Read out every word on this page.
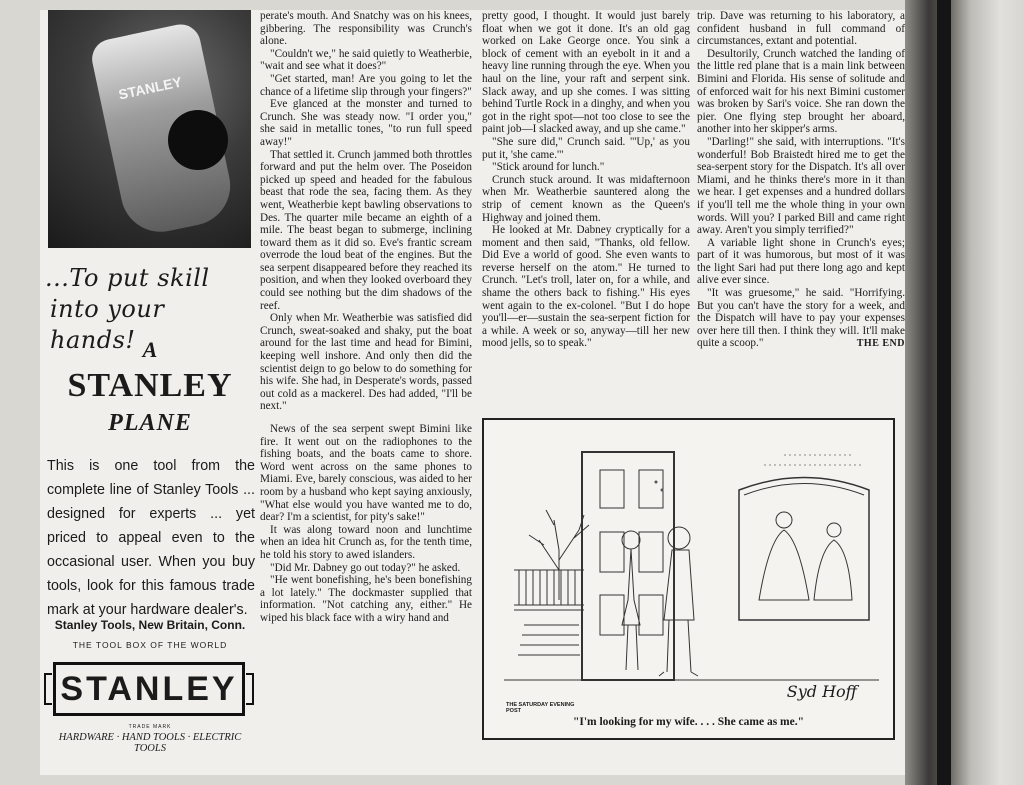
STANLEY
...To put skill
into your hands! A
STANLEY
PLANE
This is one tool from the complete line of Stanley Tools ... designed for experts ... yet priced to appeal even to the occasional user. When you buy tools, look for this famous trade mark at your hardware dealer's.
Stanley Tools, New Britain, Conn.
THE TOOL BOX OF THE WORLD
STANLEY
TRADE MARK
HARDWARE · HAND TOOLS · ELECTRIC TOOLS

perate's mouth. And Snatchy was on his knees, gibbering. The responsibility was Crunch's alone.

"Couldn't we," he said quietly to Weatherbie, "wait and see what it does?"

"Get started, man! Are you going to let the chance of a lifetime slip through your fingers?"

Eve glanced at the monster and turned to Crunch. She was steady now. "I order you," she said in metallic tones, "to run full speed away!"

That settled it. Crunch jammed both throttles forward and put the helm over. The Poseidon picked up speed and headed for the fabulous beast that rode the sea, facing them. As they went, Weatherbie kept bawling observations to Des. The quarter mile became an eighth of a mile. The beast began to submerge, inclining toward them as it did so. Eve's frantic scream overrode the loud beat of the engines. But the sea serpent disappeared before they reached its position, and when they looked overboard they could see nothing but the dim shadows of the reef.

Only when Mr. Weatherbie was satisfied did Crunch, sweat-soaked and shaky, put the boat around for the last time and head for Bimini, keeping well inshore. And only then did the scientist deign to go below to do something for his wife. She had, in Desperate's words, passed out cold as a mackerel. Des had added, "I'll be next."

News of the sea serpent swept Bimini like fire. It went out on the radiophones to the fishing boats, and the boats came to shore. Word went across on the same phones to Miami. Eve, barely conscious, was aided to her room by a husband who kept saying anxiously, "What else would you have wanted me to do, dear? I'm a scientist, for pity's sake!"

It was along toward noon and lunchtime when an idea hit Crunch as, for the tenth time, he told his story to awed islanders.

"Did Mr. Dabney go out today?" he asked.

"He went bonefishing, he's been bonefishing a lot lately." The dockmaster supplied that information. "Not catching any, either." He wiped his black face with a wiry hand and

pretty good, I thought. It would just barely float when we got it done. It's an old gag worked on Lake George once. You sink a block of cement with an eyebolt in it and a heavy line running through the eye. When you haul on the line, your raft and serpent sink. Slack away, and up she comes. I was sitting behind Turtle Rock in a dinghy, and when you got in the right spot—not too close to see the paint job—I slacked away, and up she came."

"She sure did," Crunch said. "'Up,' as you put it, 'she came.'"

"Stick around for lunch."

Crunch stuck around. It was midafternoon when Mr. Weatherbie sauntered along the strip of cement known as the Queen's Highway and joined them.

He looked at Mr. Dabney cryptically for a moment and then said, "Thanks, old fellow. Did Eve a world of good. She even wants to reverse herself on the atom." He turned to Crunch. "Let's troll, later on, for a while, and shame the others back to fishing." His eyes went again to the ex-colonel. "But I do hope you'll—er—sustain the sea-serpent fiction for a while. A week or so, anyway—till her new mood jells, so to speak."

trip. Dave was returning to his laboratory, a confident husband in full command of circumstances, extant and potential.

Desultorily, Crunch watched the landing of the little red plane that is a main link between Bimini and Florida. His sense of solitude and of enforced wait for his next Bimini customer was broken by Sari's voice. She ran down the pier. One flying step brought her aboard, another into her skipper's arms.

"Darling!" she said, with interruptions. "It's wonderful! Bob Braistedt hired me to get the sea-serpent story for the Dispatch. It's all over Miami, and he thinks there's more in it than we hear. I get expenses and a hundred dollars if you'll tell me the whole thing in your own words. Will you? I parked Bill and came right away. Aren't you simply terrified?"

A variable light shone in Crunch's eyes; part of it was humorous, but most of it was the light Sari had put there long ago and kept alive ever since.

"It was gruesome," he said. "Horrifying. But you can't have the story for a week, and the Dispatch will have to pay your expenses over here till then. I think they will. It'll make quite a scoop."	THE END
THE SATURDAY EVENING POST
Syd Hoff
"I'm looking for my wife. . . . She came as me."
